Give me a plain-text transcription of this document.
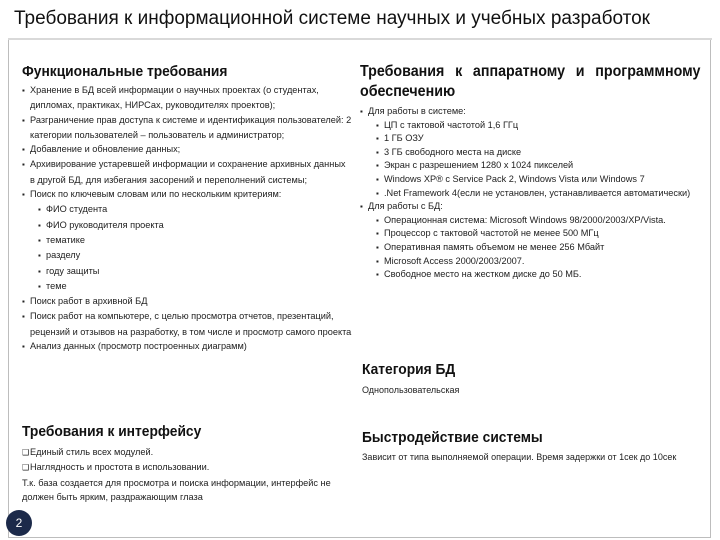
Требования к информационной системе научных и учебных разработок
Функциональные требования
▪ Хранение в БД всей информации о научных проектах (о студентах, дипломах, практиках, НИРСах, руководителях проектов);
▪ Разграничение прав доступа к системе и идентификация пользователей: 2 категории пользователей – пользователь и администратор;
▪ Добавление и обновление данных;
▪ Архивирование устаревшей информации и сохранение архивных данных в другой БД, для избегания засорений и переполнений системы;
▪ Поиск по ключевым словам или по нескольким критериям:
▪ ФИО студента
▪ ФИО руководителя проекта
▪ тематике
▪ разделу
▪ году защиты
▪ теме
▪ Поиск работ в архивной БД
▪ Поиск работ на компьютере, с целью просмотра отчетов, презентаций, рецензий и отзывов на разработку, в том числе и просмотр самого проекта
▪ Анализ данных (просмотр построенных диаграмм)
Требования к интерфейсу
❑Единый стиль всех модулей.
❑Наглядность и простота в использовании.
Т.к. база создается для просмотра и поиска информации, интерфейс не должен быть ярким, раздражающим глаза
Требования к аппаратному и программному обеспечению
▪ Для работы в системе:
▪ ЦП с тактовой частотой 1,6 ГГц
▪ 1 ГБ ОЗУ
▪ 3 ГБ свободного места на диске
▪ Экран с разрешением 1280 x 1024 пикселей
▪ Windows XP® с Service Pack 2, Windows Vista или Windows 7
▪ .Net Framework 4(если не установлен, устанавливается автоматически)
▪ Для работы с БД:
▪ Операционная система: Microsoft Windows 98/2000/2003/XP/Vista.
▪ Процессор с тактовой частотой не менее 500 МГц
▪ Оперативная память объемом не менее 256 Мбайт
▪ Microsoft Access 2000/2003/2007.
▪ Свободное место на жестком диске до 50 МБ.
Категория БД
Однопользовательская
Быстродействие системы
Зависит от типа выполняемой операции. Время задержки от 1сек до 10сек
2
